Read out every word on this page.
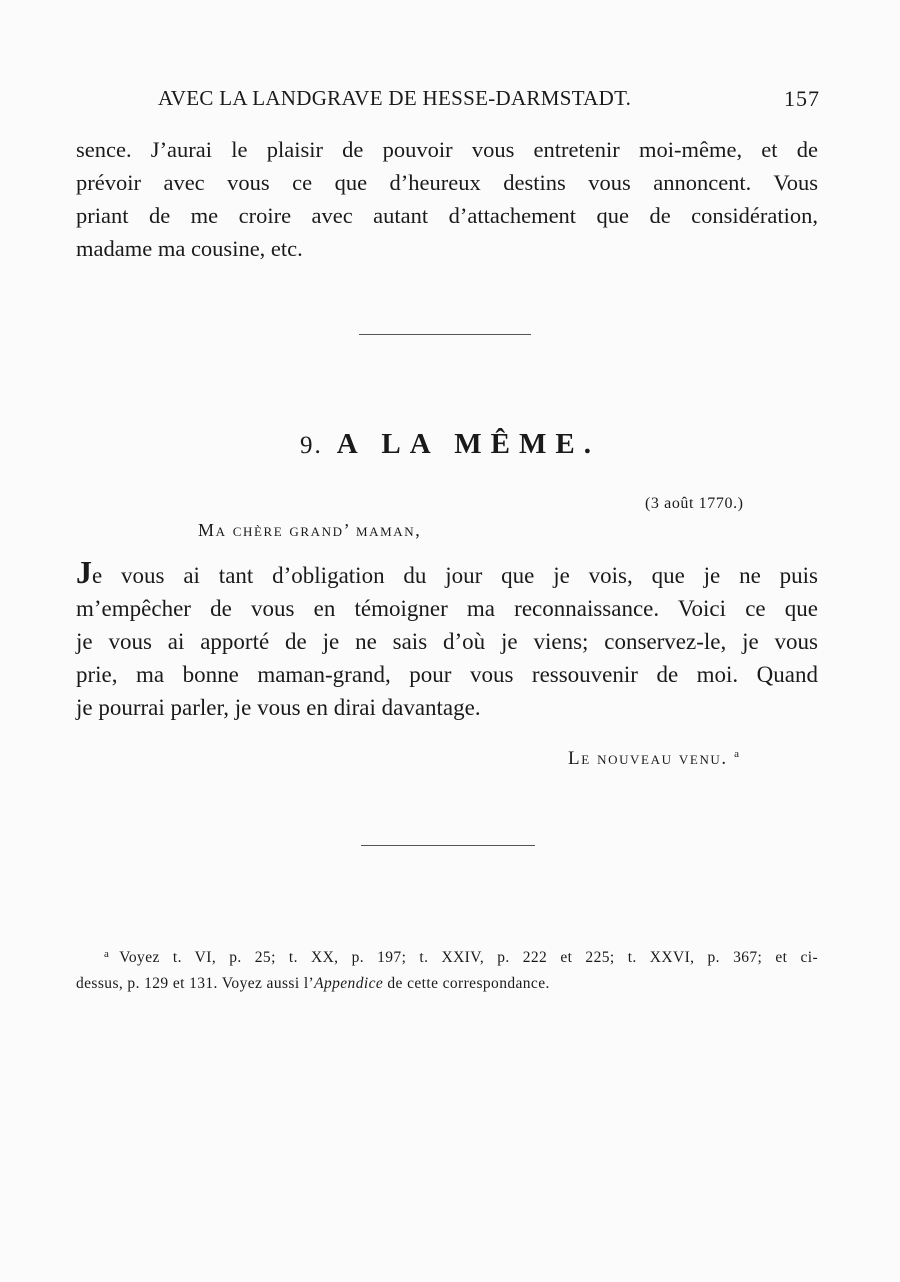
AVEC LA LANDGRAVE DE HESSE-DARMSTADT.	157
sence. J’aurai le plaisir de pouvoir vous entretenir moi-même, et de
prévoir avec vous ce que d’heureux destins vous annoncent. Vous
priant de me croire avec autant d’attachement que de considération,
madame ma cousine, etc.
9. A LA MÊME.
(3 août 1770.)
Ma chère grand’ maman,
Je vous ai tant d’obligation du jour que je vois, que je ne puis
m’empêcher de vous en témoigner ma reconnaissance. Voici ce que
je vous ai apporté de je ne sais d’où je viens; conservez-le, je vous
prie, ma bonne maman-grand, pour vous ressouvenir de moi. Quand
je pourrai parler, je vous en dirai davantage.
Le nouveau venu. $^a$
$^a$ Voyez t. VI, p. 25; t. XX, p. 197; t. XXIV, p. 222 et 225; t. XXVI, p. 367; et ci-
dessus, p. 129 et 131. Voyez aussi l’Appendice de cette correspondance.
